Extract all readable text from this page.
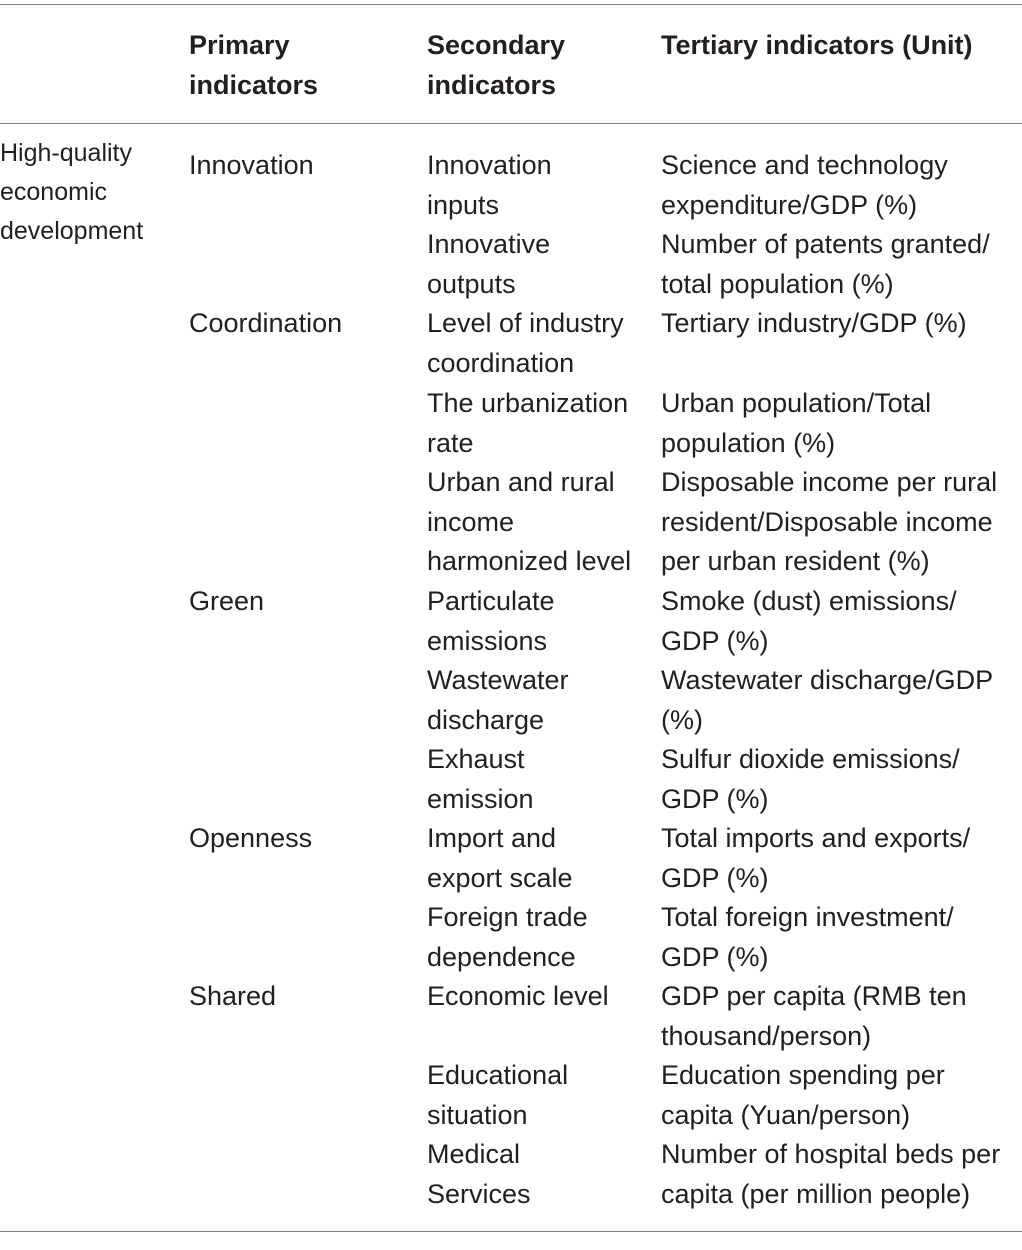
Primary
indicators
Secondary
indicators
Tertiary indicators (Unit)
High-quality
economic
development
Innovation
Coordination
Green
Openness
Shared
Innovation
inputs
Innovative
outputs
Level of industry
coordination
The urbanization
rate
Urban and rural
income
harmonized level
Particulate
emissions
Wastewater
discharge
Exhaust
emission
Import and
export scale
Foreign trade
dependence
Economic level
Educational
situation
Medical
Services
Science and technology
expenditure/GDP (%)
Number of patents granted/
total population (%)
Tertiary industry/GDP (%)
Urban population/Total
population (%)
Disposable income per rural
resident/Disposable income
per urban resident (%)
Smoke (dust) emissions/
GDP (%)
Wastewater discharge/GDP
(%)
Sulfur dioxide emissions/
GDP (%)
Total imports and exports/
GDP (%)
Total foreign investment/
GDP (%)
GDP per capita (RMB ten
thousand/person)
Education spending per
capita (Yuan/person)
Number of hospital beds per
capita (per million people)
